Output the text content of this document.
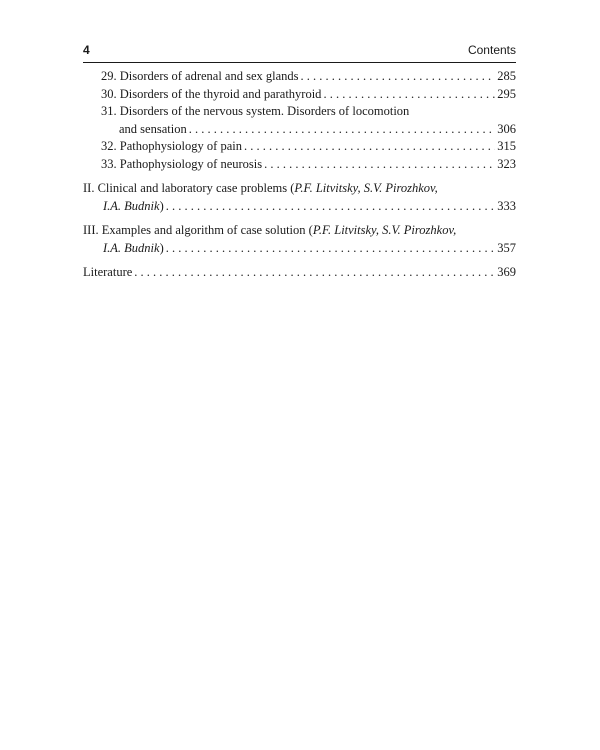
4	Contents
29. Disorders of adrenal and sex glands . . .	285
30. Disorders of the thyroid and parathyroid . . .	295
31. Disorders of the nervous system. Disorders of locomotion
and sensation . . .	306
32. Pathophysiology of pain . . .	315
33. Pathophysiology of neurosis . . .	323
II. Clinical and laboratory case problems (P.F. Litvitsky, S.V. Pirozhkov,
I.A. Budnik) . . .	333
III. Examples and algorithm of case solution (P.F. Litvitsky, S.V. Pirozhkov,
I.A. Budnik) . . .	357
Literature . . .	369
